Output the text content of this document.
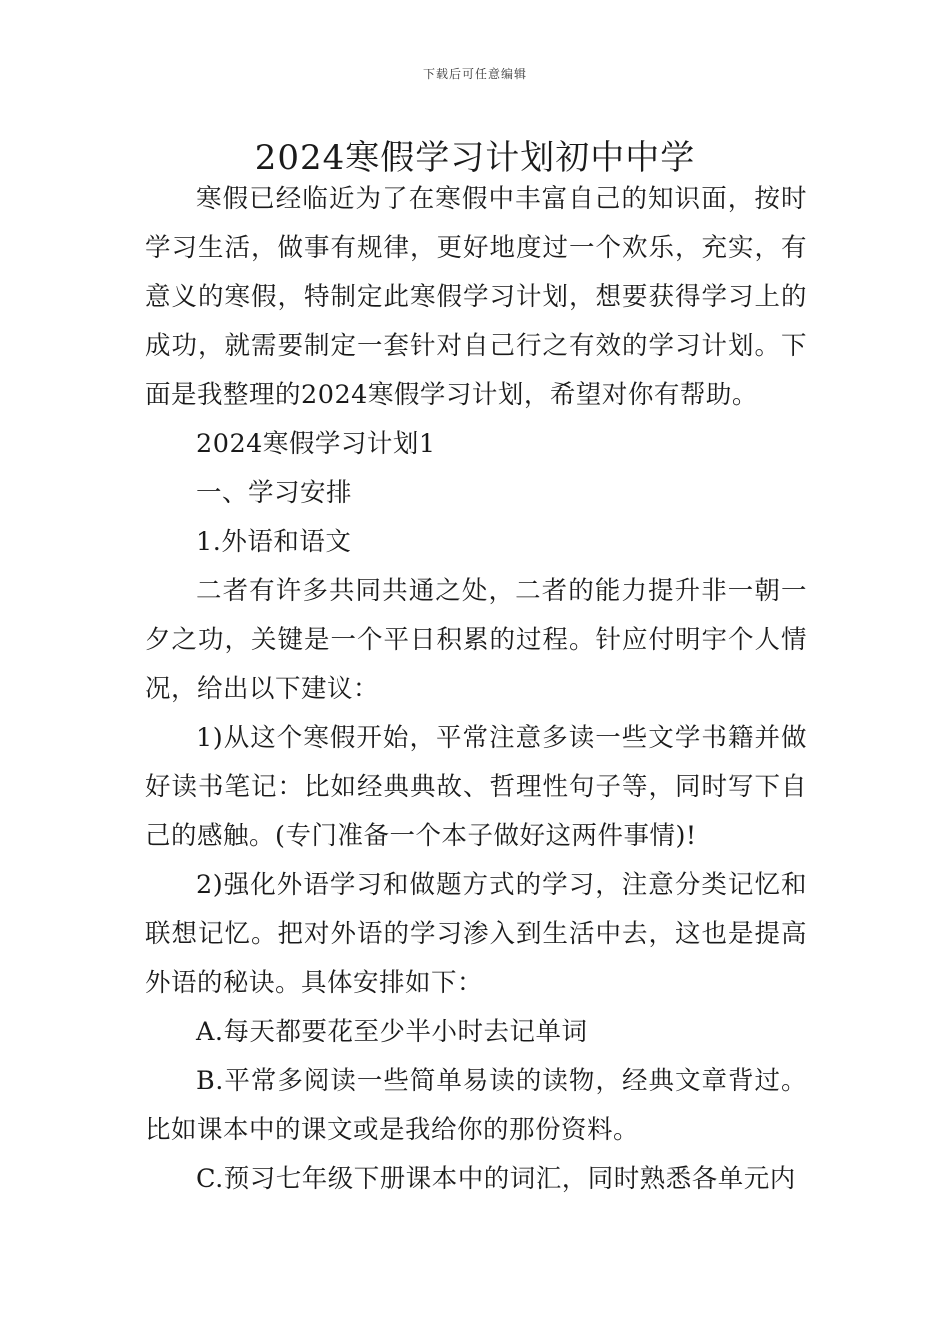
下载后可任意编辑
2024寒假学习计划初中中学

寒假已经临近为了在寒假中丰富自己的知识面，按时学习生活，做事有规律，更好地度过一个欢乐，充实，有意义的寒假，特制定此寒假学习计划，想要获得学习上的成功，就需要制定一套针对自己行之有效的学习计划。下面是我整理的2024寒假学习计划，希望对你有帮助。

2024寒假学习计划1

一、学习安排

1.外语和语文

二者有许多共同共通之处，二者的能力提升非一朝一夕之功，关键是一个平日积累的过程。针应付明宇个人情况，给出以下建议：

1)从这个寒假开始，平常注意多读一些文学书籍并做好读书笔记：比如经典典故、哲理性句子等，同时写下自己的感触。(专门准备一个本子做好这两件事情)!

2)强化外语学习和做题方式的学习，注意分类记忆和联想记忆。把对外语的学习渗入到生活中去，这也是提高外语的秘诀。具体安排如下：

A.每天都要花至少半小时去记单词

B.平常多阅读一些简单易读的读物，经典文章背过。比如课本中的课文或是我给你的那份资料。

C.预习七年级下册课本中的词汇，同时熟悉各单元内
